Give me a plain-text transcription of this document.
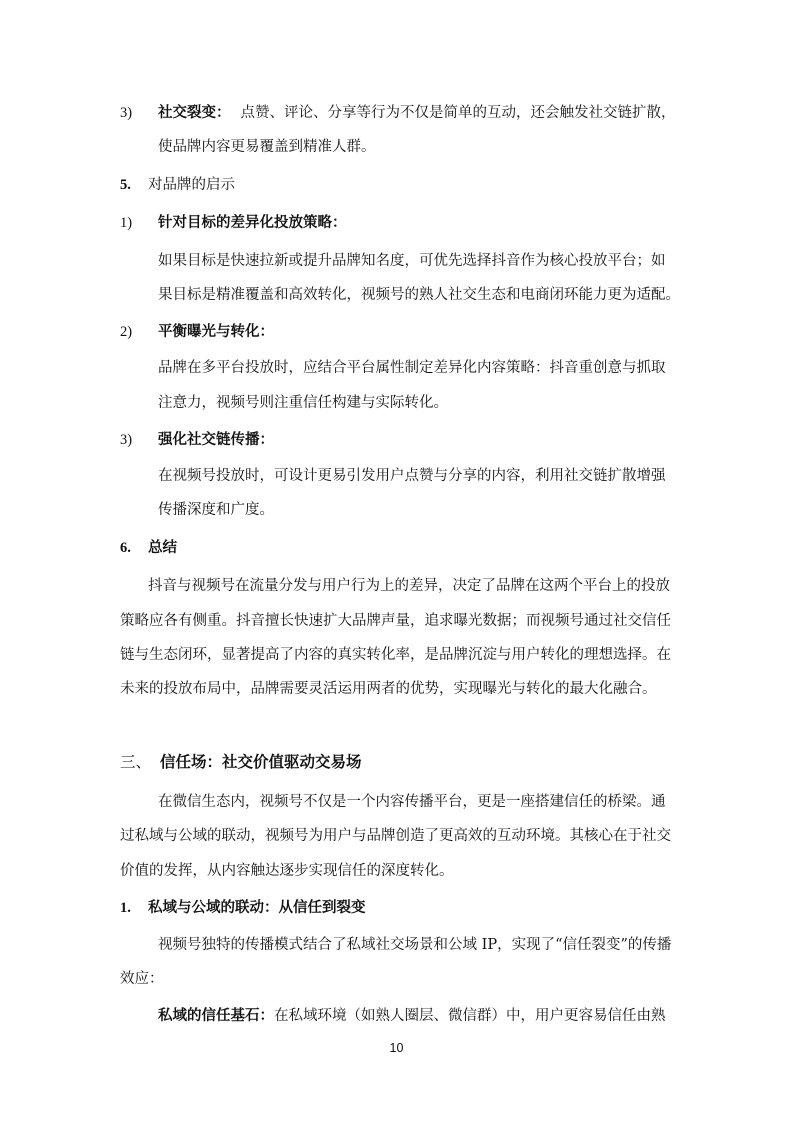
3) 社交裂变： 点赞、评论、分享等行为不仅是简单的互动，还会触发社交链扩散，
使品牌内容更易覆盖到精准人群。
5. 对品牌的启示
1) 针对目标的差异化投放策略：
如果目标是快速拉新或提升品牌知名度，可优先选择抖音作为核心投放平台；如
果目标是精准覆盖和高效转化，视频号的熟人社交生态和电商闭环能力更为适配。
2) 平衡曝光与转化：
品牌在多平台投放时，应结合平台属性制定差异化内容策略：抖音重创意与抓取
注意力，视频号则注重信任构建与实际转化。
3) 强化社交链传播：
在视频号投放时，可设计更易引发用户点赞与分享的内容，利用社交链扩散增强
传播深度和广度。
6. 总结
抖音与视频号在流量分发与用户行为上的差异，决定了品牌在这两个平台上的投放
策略应各有侧重。抖音擅长快速扩大品牌声量，追求曝光数据；而视频号通过社交信任
链与生态闭环，显著提高了内容的真实转化率，是品牌沉淀与用户转化的理想选择。在
未来的投放布局中，品牌需要灵活运用两者的优势，实现曝光与转化的最大化融合。
三、 信任场：社交价值驱动交易场
在微信生态内，视频号不仅是一个内容传播平台，更是一座搭建信任的桥梁。通
过私域与公域的联动，视频号为用户与品牌创造了更高效的互动环境。其核心在于社交
价值的发挥，从内容触达逐步实现信任的深度转化。
1. 私域与公域的联动：从信任到裂变
视频号独特的传播模式结合了私域社交场景和公域 IP，实现了“信任裂变”的传播
效应：
私域的信任基石：在私域环境（如熟人圈层、微信群）中，用户更容易信任由熟
10
